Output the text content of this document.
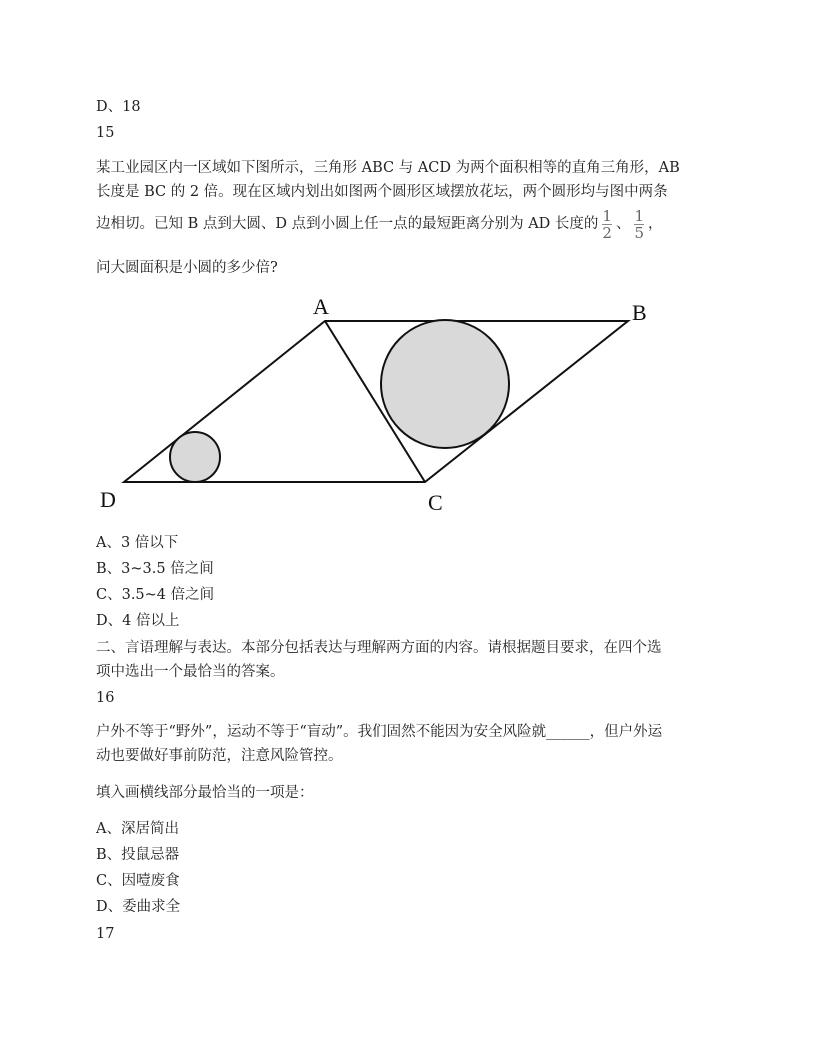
D、18
15
某工业园区内一区域如下图所示，三角形 ABC 与 ACD 为两个面积相等的直角三角形，AB
长度是 BC 的 2 倍。现在区域内划出如图两个圆形区域摆放花坛，两个圆形均与图中两条
边相切。已知 B 点到大圆、D 点到小圆上任一点的最短距离分别为 AD 长度的 $\frac{1}{2}$ 、 $\frac{1}{5}$ ，
问大圆面积是小圆的多少倍?
A	B
C
D
A、3 倍以下
B、3~3.5 倍之间
C、3.5~4 倍之间
D、4 倍以上
二、言语理解与表达。本部分包括表达与理解两方面的内容。请根据题目要求，在四个选
项中选出一个最恰当的答案。
16
户外不等于“野外”，运动不等于“盲动”。我们固然不能因为安全风险就______，但户外运
动也要做好事前防范，注意风险管控。
填入画横线部分最恰当的一项是：
A、深居简出
B、投鼠忌器
C、因噎废食
D、委曲求全
17
